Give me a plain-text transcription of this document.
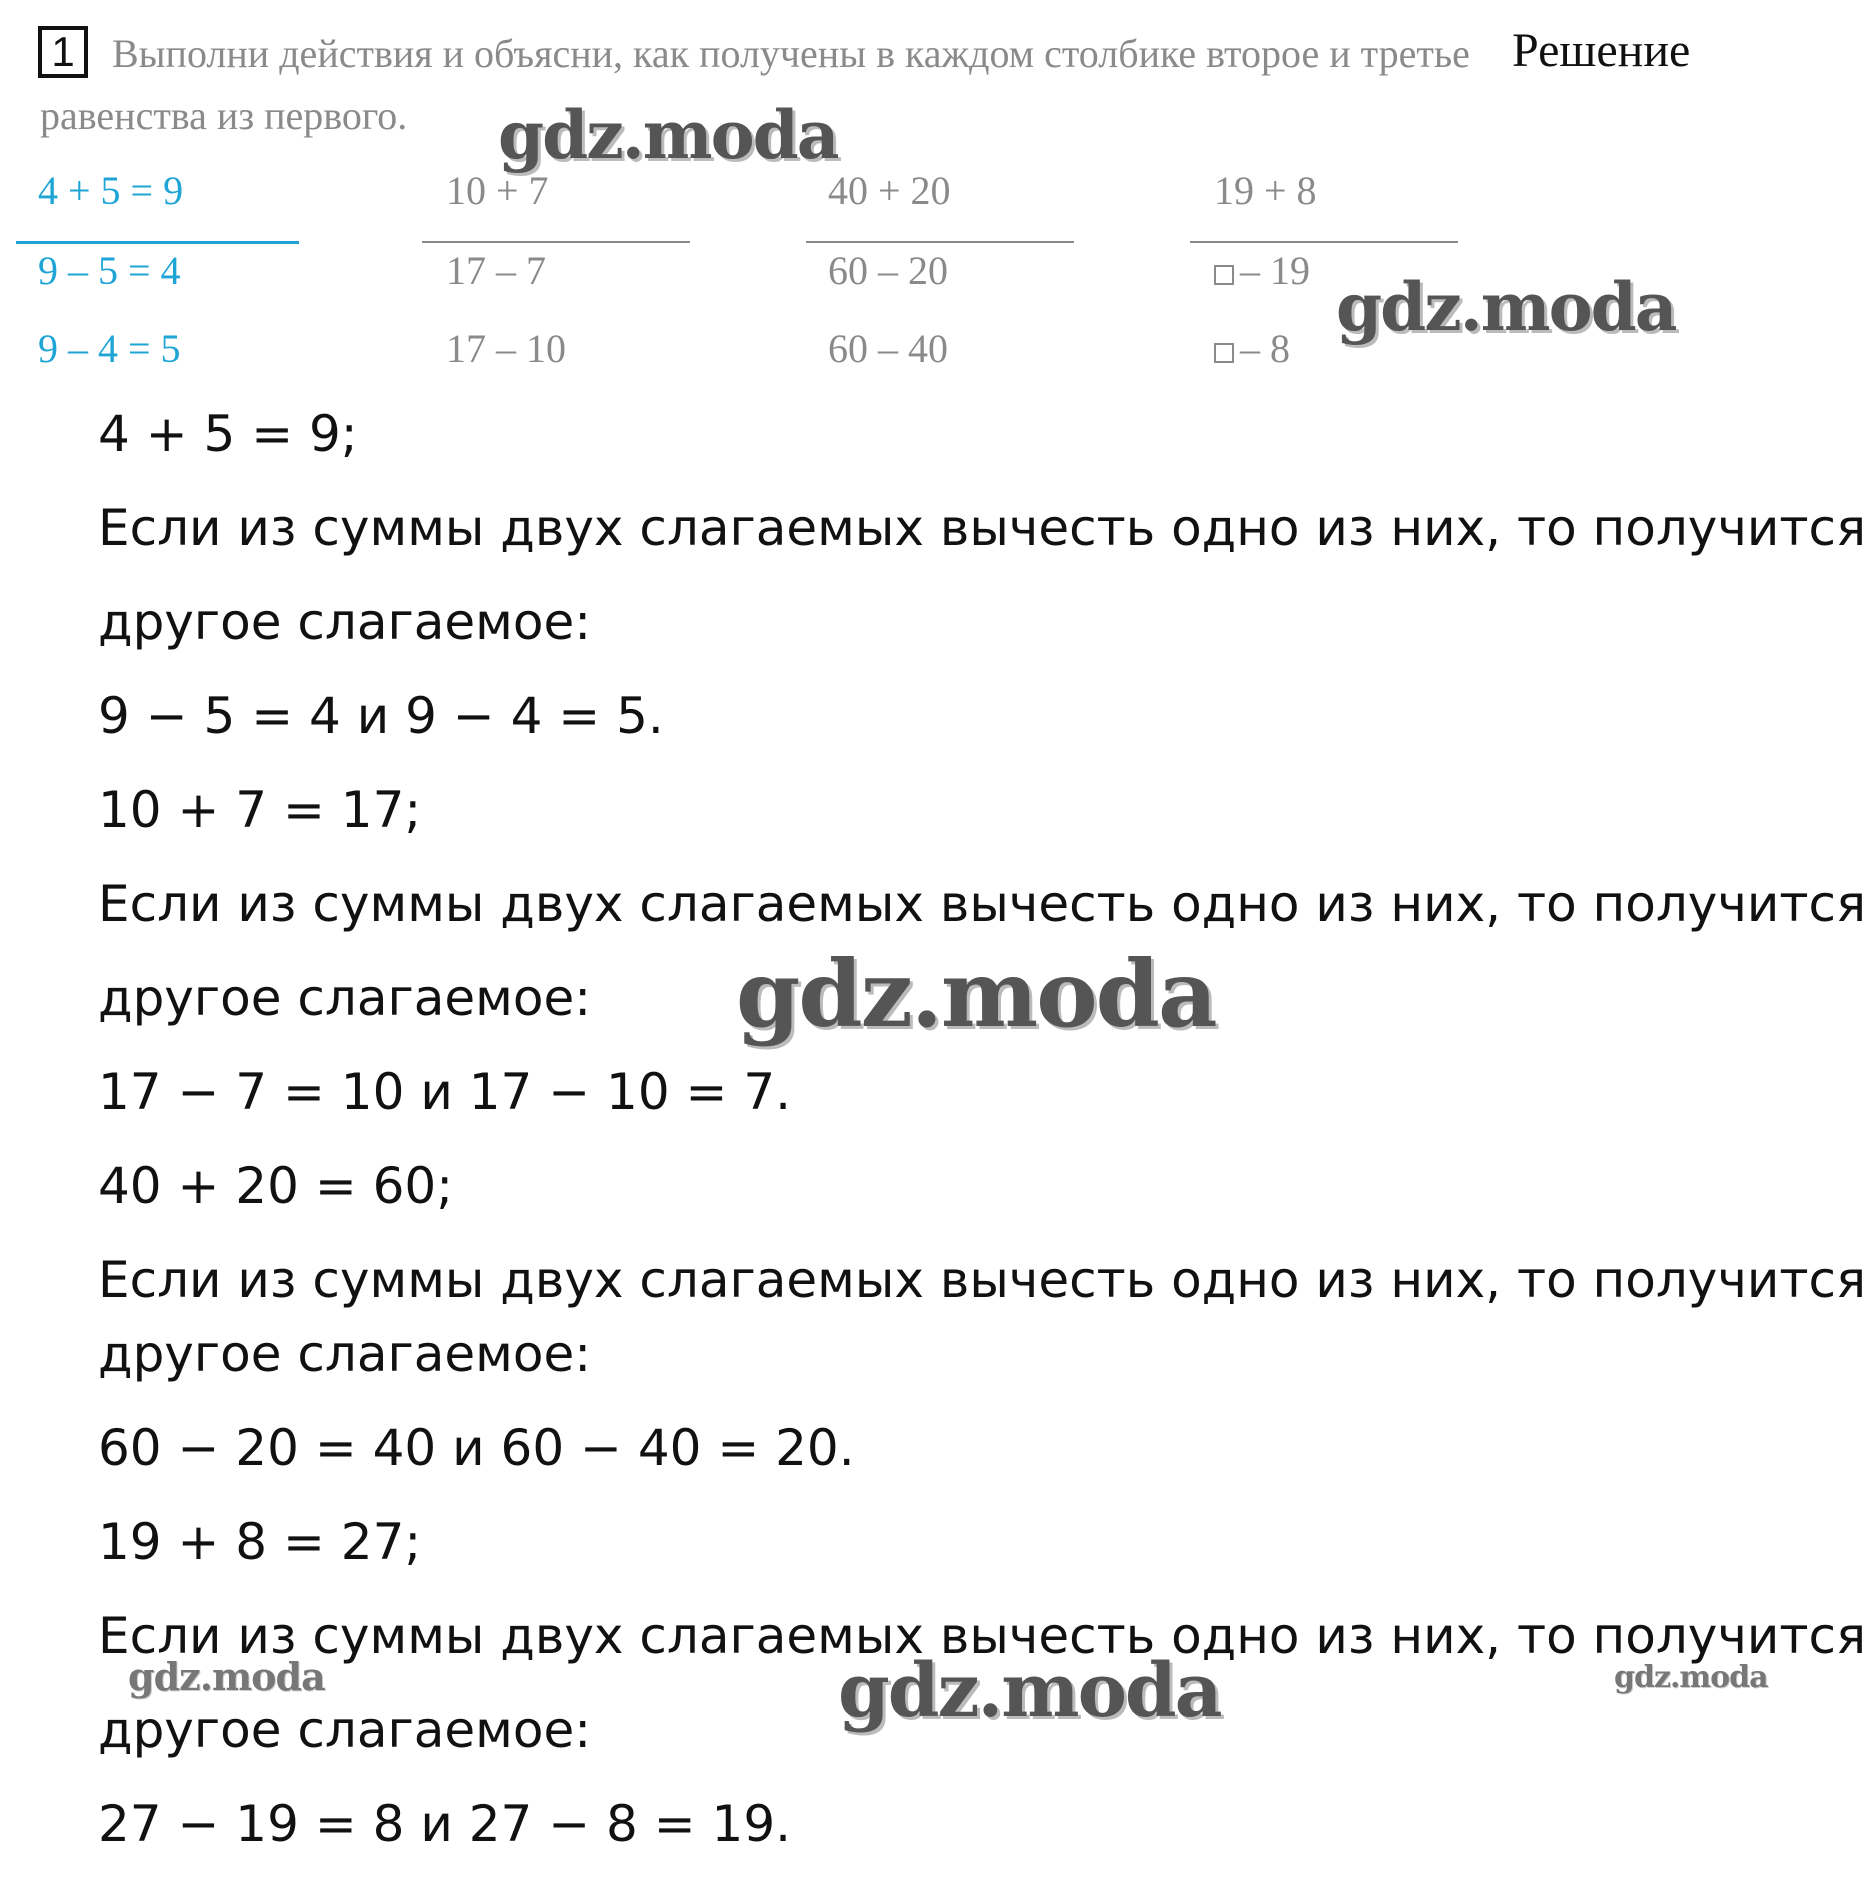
1 Выполни действия и объясни, как получены в каждом столбике второе и третье
равенства из первого.
Решение
4 + 5 = 9
9 – 5 = 4
9 – 4 = 5
10 + 7
17 – 7
17 – 10
40 + 20
60 – 20
60 – 40
19 + 8
– 19
– 8
4 + 5 = 9;
Если из суммы двух слагаемых вычесть одно из них, то получится
другое слагаемое:
9 − 5 = 4 и 9 − 4 = 5.
10 + 7 = 17;
Если из суммы двух слагаемых вычесть одно из них, то получится
другое слагаемое:
17 − 7 = 10 и 17 − 10 = 7.
40 + 20 = 60;
Если из суммы двух слагаемых вычесть одно из них, то получится
другое слагаемое:
60 − 20 = 40 и 60 − 40 = 20.
19 + 8 = 27;
Если из суммы двух слагаемых вычесть одно из них, то получится
другое слагаемое:
27 − 19 = 8 и 27 − 8 = 19.
gdz.moda
gdz.moda
gdz.moda
gdz.moda
gdz.moda	gdz.moda
